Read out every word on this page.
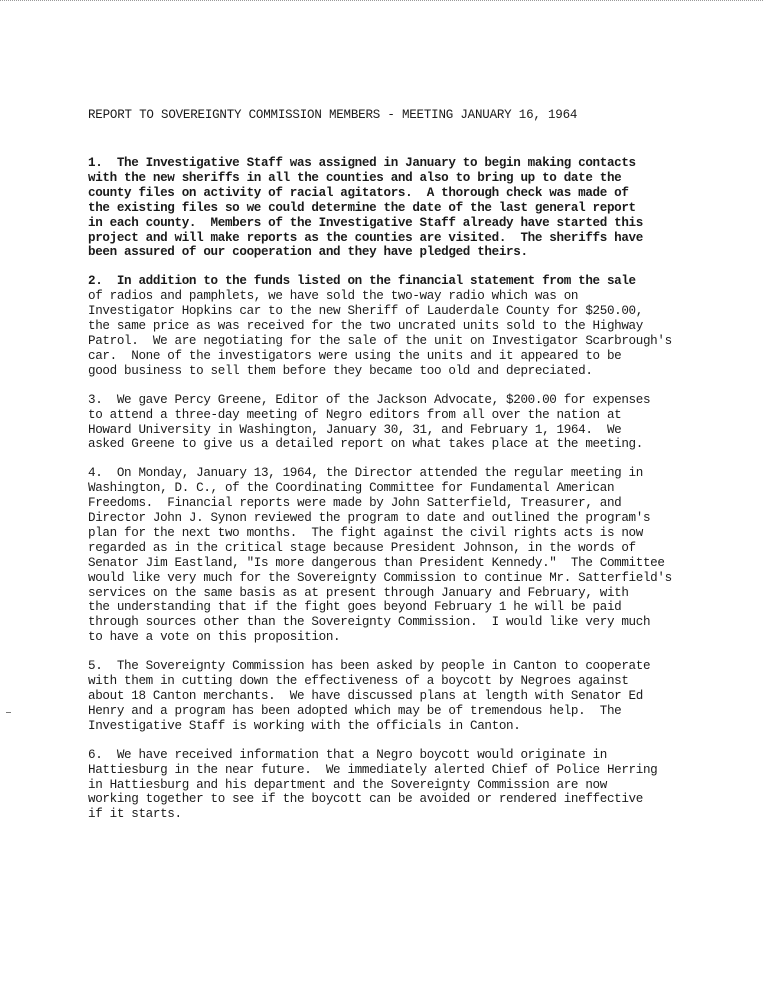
REPORT TO SOVEREIGNTY COMMISSION MEMBERS - MEETING JANUARY 16, 1964
1.  The Investigative Staff was assigned in January to begin making contacts
with the new sheriffs in all the counties and also to bring up to date the
county files on activity of racial agitators.  A thorough check was made of
the existing files so we could determine the date of the last general report
in each county.  Members of the Investigative Staff already have started this
project and will make reports as the counties are visited.  The sheriffs have
been assured of our cooperation and they have pledged theirs.
2.  In addition to the funds listed on the financial statement from the sale
of radios and pamphlets, we have sold the two-way radio which was on
Investigator Hopkins car to the new Sheriff of Lauderdale County for $250.00,
the same price as was received for the two uncrated units sold to the Highway
Patrol.  We are negotiating for the sale of the unit on Investigator Scarbrough's
car.  None of the investigators were using the units and it appeared to be
good business to sell them before they became too old and depreciated.
3.  We gave Percy Greene, Editor of the Jackson Advocate, $200.00 for expenses
to attend a three-day meeting of Negro editors from all over the nation at
Howard University in Washington, January 30, 31, and February 1, 1964.  We
asked Greene to give us a detailed report on what takes place at the meeting.
4.  On Monday, January 13, 1964, the Director attended the regular meeting in
Washington, D. C., of the Coordinating Committee for Fundamental American
Freedoms.  Financial reports were made by John Satterfield, Treasurer, and
Director John J. Synon reviewed the program to date and outlined the program's
plan for the next two months.  The fight against the civil rights acts is now
regarded as in the critical stage because President Johnson, in the words of
Senator Jim Eastland, "Is more dangerous than President Kennedy."  The Committee
would like very much for the Sovereignty Commission to continue Mr. Satterfield's
services on the same basis as at present through January and February, with
the understanding that if the fight goes beyond February 1 he will be paid
through sources other than the Sovereignty Commission.  I would like very much
to have a vote on this proposition.
5.  The Sovereignty Commission has been asked by people in Canton to cooperate
with them in cutting down the effectiveness of a boycott by Negroes against
about 18 Canton merchants.  We have discussed plans at length with Senator Ed
Henry and a program has been adopted which may be of tremendous help.  The
Investigative Staff is working with the officials in Canton.
6.  We have received information that a Negro boycott would originate in
Hattiesburg in the near future.  We immediately alerted Chief of Police Herring
in Hattiesburg and his department and the Sovereignty Commission are now
working together to see if the boycott can be avoided or rendered ineffective
if it starts.
